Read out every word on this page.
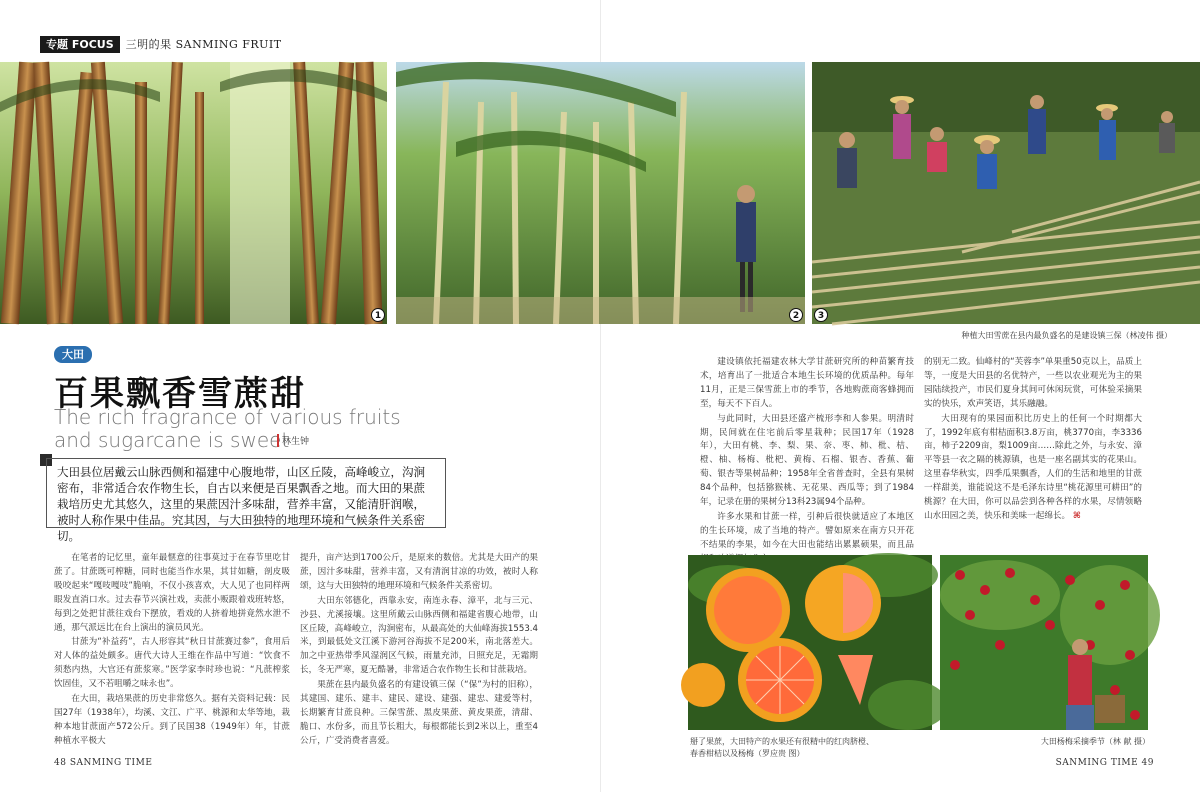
专题 FOCUS	三明的果 SANMING FRUIT
1	2	3
种植大田雪蔗在县内最负盛名的是建设镇三保（林凌伟 摄）
大田
百果飘香雪蔗甜
The rich fragrance of various fruits
and sugarcane is sweet
林生钟
大田县位居戴云山脉西侧和福建中心腹地带，山区丘陵，高峰峻立，沟涧密布，非常适合农作物生长，自古以来便是百果飘香之地。而大田的果蔗栽培历史尤其悠久，这里的果蔗因汁多味甜，营养丰富，又能清肝润喉，被时人称作果中佳品。究其因，与大田独特的地理环境和气候条件关系密切。

在笔者的记忆里，童年最惬意的往事莫过于在春节里吃甘蔗了。甘蔗既可榨糖，同时也能当作水果，其甘如糖，剖皮吸吸咬起来“嘎吱嘎吱”脆响，不仅小孩喜欢，大人见了也同样两眼发直消口水。过去春节兴演社戏，卖蔗小贩跟着戏班转悠，每到之处把甘蔗往戏台下摆放，看戏的人挤着地拼竟然水泄不通，那气派远比在台上演出的演员风光。

甘蔗为“补益药”，古人形容其“秋日甘蔗赛过参”，食用后对人体的益处颇多。唐代大诗人王维在作品中写道：“饮食不须愁内热，大官还有蔗浆寒。”医学家李时珍也说：“凡蔗榨浆饮固佳，又不若咀嚼之味永也”。

在大田，栽培果蔗的历史非常悠久。据有关资料记载：民国27年（1938年），均溪、文江、广平、桃源和太华等地，栽种本地甘蔗面产572公斤。到了民国38（1949年）年，甘蔗种植水平极大

提升，亩产达到1700公斤，是原来的数倍。尤其是大田产的果蔗，因汁多味甜，营养丰富，又有清润甘凉的功效，被时人称颂，这与大田独特的地理环境和气候条件关系密切。

大田东邻德化，西靠永安，南连永春、漳平，北与三元、沙县、尤溪接壤。这里所戴云山脉西侧和福建省腹心地带，山区丘陵，高峰峻立，沟涧密布，从最高处的大仙峰海拔1553.4米，到最低处文江溪下游河谷海拔不足200米，南北落差大。加之中亚热带季风湿润区气候，雨量充沛，日照充足，无霜期长，冬无严寒，夏无酷暑，非常适合农作物生长和甘蔗栽培。

果蔗在县内最负盛名的有建设镇三保（“保”为村的旧称），其建国、建乐、建丰、建民、建设、建强、建忠、建爱等村，长期繁育甘蔗良种。三保雪蔗、黑皮果蔗、黄皮果蔗，清甜、脆口、水份多，而且节长粗大，每根都能长到2米以上，重至4公斤，广受消费者喜爱。

建设镇依托福建农林大学甘蔗研究所的种苗繁育技术，培育出了一批适合本地生长环境的优质品种。每年11月，正是三保雪蔗上市的季节，各地购蔗商客蜂拥而至，每天不下百人。

与此同时，大田县还盛产梳形李和人参果。明清时期，民间就在住宅前后零星栽种；民国17年（1928年），大田有桃、李、梨、果、奈、枣、柿、枇、桔、橙、柚、杨梅、枇杷、黄梅、石榴、银杏、香蕉、葡萄、银杏等果树品种；1958年全省普查时，全县有果树84个品种，包括猕猴桃、无花果、西瓜等；到了1984年，记录在册的果树分13科23属94个品种。

许多水果和甘蔗一样，引种后很快就适应了本地区的生长环境，成了当地的特产。譬如原来在南方只开花不结果的李果，如今在大田也能结出累累硕果，而且品

的别无二致。仙峰村的“芙蓉李”单果重50克以上，品质上等，一度是大田县的名优特产，一些以农业观光为主的果园陆续投产，市民们夏身其间可休闲玩赏，可体验采摘果实的快乐，欢声笑语，其乐融融。

大田现有的果园面积比历史上的任何一个时期都大了，1992年底有柑桔面积3.8万亩，桃3770亩，李3336亩，柿子2209亩，梨1009亩……除此之外，与永安、漳平等县一衣之隔的桃源镇，也是一座名副其实的花果山。这里春华秋实，四季瓜果飘香，人们的生活和地里的甘蔗一样甜美，谁能说这不是毛泽东诗里“桃花源里可耕田”的桃源？在大田，你可以品尝到各种各样的水果，尽情领略山水田园之美，快乐和美味一起绵长。 ⌘

掰了果蔗，大田特产的水果还有很精中的红肉脐橙、春香柑桔以及杨梅（罗应贵 图）
大田杨梅采摘季节（林 献 摄）
48 SANMING TIME	SANMING TIME 49
